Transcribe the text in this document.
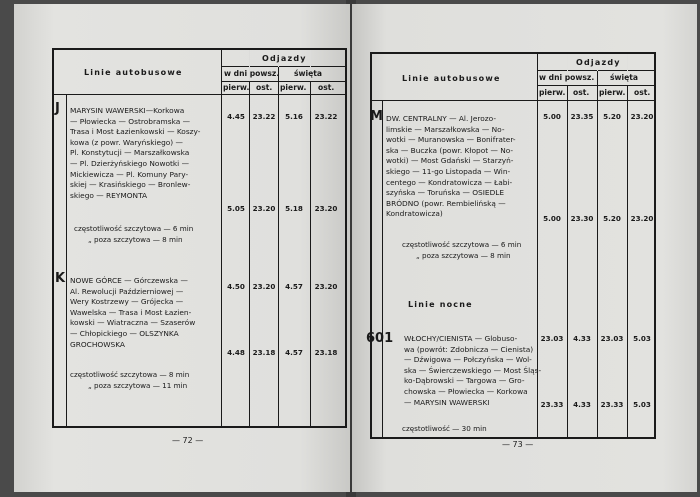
Linie autobusowe
Odjazdy
w dni powsz. święta
pierw. ost. pierw. ost.
J MARYSIN WAWERSKI—Korkowa
— Płowiecka — Ostrobramska —
Trasa i Most Łazienkowski — Koszy-
kowa (z powr. Waryńskiego) —
Pl. Konstytucji — Marszałkowska
— Pl. Dzierżyńskiego Nowotki —
Mickiewicza — Pl. Komuny Pary-
skiej — Krasińskiego — Bronlew-
skiego — REYMONTA
4.45	23.22	5.16	23.22
5.05	23.20	5.18	23.20
częstotliwość szczytowa — 6 min
„ poza szczytowa — 8 min
K NOWE GÓRCE — Górczewska —
Al. Rewolucji Październiowej —
Wery Kostrzewy — Grójecka —
Wawelska — Trasa i Most Łazien-
kowski — Wiatraczna — Szaserów
— Chłopickiego — OLSZYNKA
GROCHOWSKA
4.50	23.20	4.57	23.20
4.48	23.18	4.57	23.18
częstotliwość szczytowa — 8 min
„ poza szczytowa — 11 min
— 72 —
Linie autobusowe
Odjazdy
w dni powsz. święta
pierw. ost. pierw. ost.
M DW. CENTRALNY — Al. Jerozo-
limskie — Marszałkowska — No-
wotki — Muranowska — Bonifrater-
ska — Buczka (powr. Kłopot — No-
wotki) — Most Gdański — Starzyń-
skiego — 11-go Listopada — Win-
centego — Kondratowicza — Łabi-
szyńska — Toruńska — OSIEDLE
BRÓDNO (powr. Rembielińską —
Kondratowicza)
5.00	23.35	5.20	23.20
5.00	23.30	5.20	23.20
częstotliwość szczytowa — 6 min
„ poza szczytowa — 8 min
Linie nocne
601 WŁOCHY/CIENISTA — Globuso-
wa (powrót: Zdobnicza — Cienista)
— Dźwigowa — Połczyńska — Wol-
ska — Świerczewskiego — Most Śląs-
ko-Dąbrowski — Targowa — Gro-
chowska — Płowiecka — Korkowa
— MARYSIN WAWERSKI
23.03	4.33	23.03	5.03
23.33	4.33	23.33	5.03
częstotliwość — 30 min
— 73 —
